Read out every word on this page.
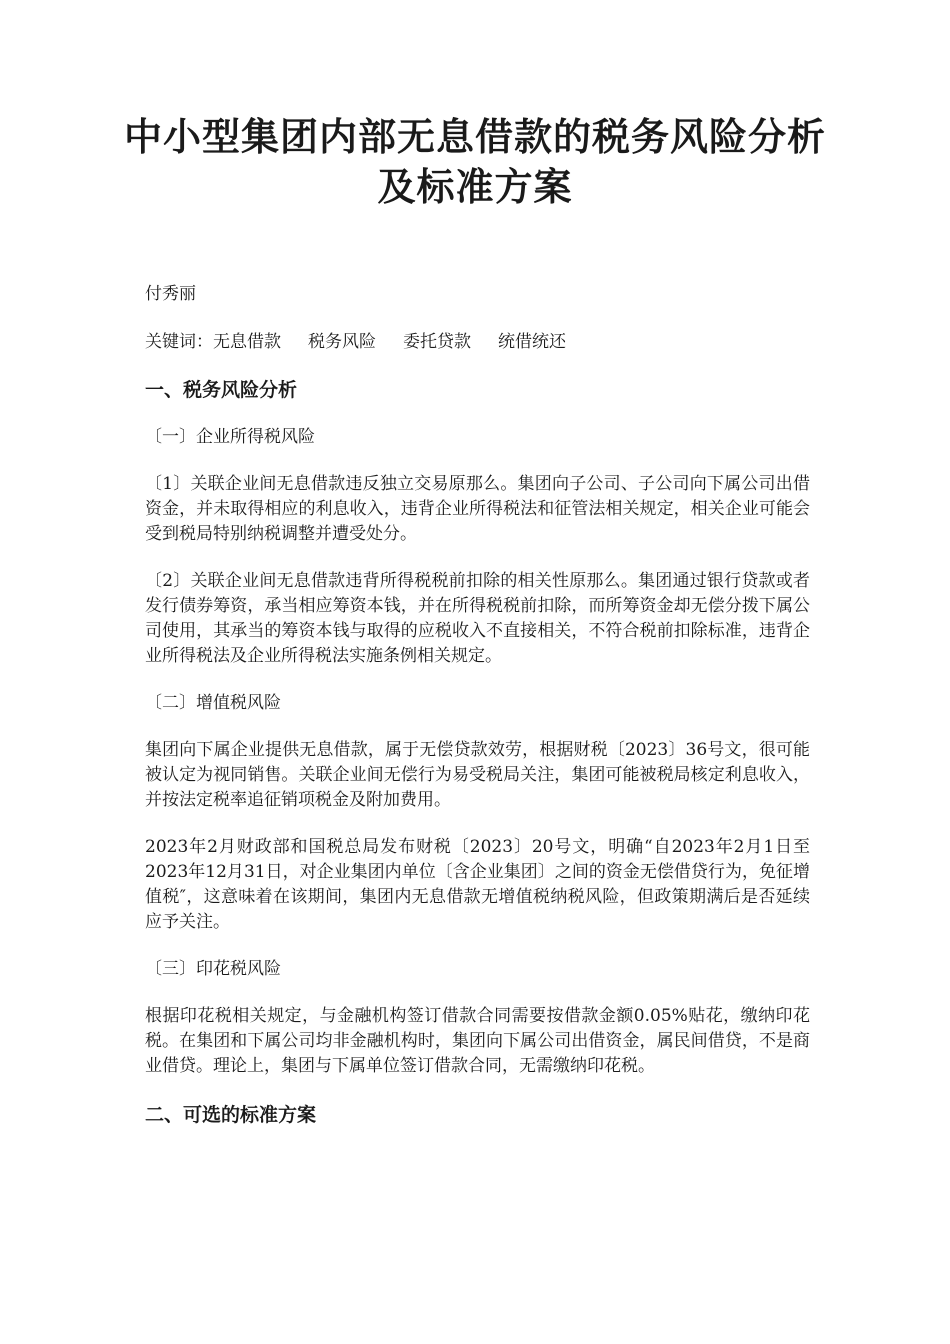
中小型集团内部无息借款的税务风险分析及标准方案

付秀丽

关键词：无息借款 税务风险 委托贷款 统借统还

一、税务风险分析

〔一〕企业所得税风险

〔1〕关联企业间无息借款违反独立交易原那么。集团向子公司、子公司向下属公司出借资金，并未取得相应的利息收入，违背企业所得税法和征管法相关规定，相关企业可能会受到税局特别纳税调整并遭受处分。

〔2〕关联企业间无息借款违背所得税税前扣除的相关性原那么。集团通过银行贷款或者发行债券筹资，承当相应筹资本钱，并在所得税税前扣除，而所筹资金却无偿分拨下属公司使用，其承当的筹资本钱与取得的应税收入不直接相关，不符合税前扣除标准，违背企业所得税法及企业所得税法实施条例相关规定。

〔二〕增值税风险

集团向下属企业提供无息借款，属于无偿贷款效劳，根据财税〔2023〕36号文，很可能被认定为视同销售。关联企业间无偿行为易受税局关注，集团可能被税局核定利息收入，并按法定税率追征销项税金及附加费用。

2023年2月财政部和国税总局发布财税〔2023〕20号文，明确“自2023年2月1日至2023年12月31日，对企业集团内单位〔含企业集团〕之间的资金无偿借贷行为，免征增值税″，这意味着在该期间，集团内无息借款无增值税纳税风险，但政策期满后是否延续应予关注。

〔三〕印花税风险

根据印花税相关规定，与金融机构签订借款合同需要按借款金额0.05%贴花，缴纳印花税。在集团和下属公司均非金融机构时，集团向下属公司出借资金，属民间借贷，不是商业借贷。理论上，集团与下属单位签订借款合同，无需缴纳印花税。

二、可选的标准方案
